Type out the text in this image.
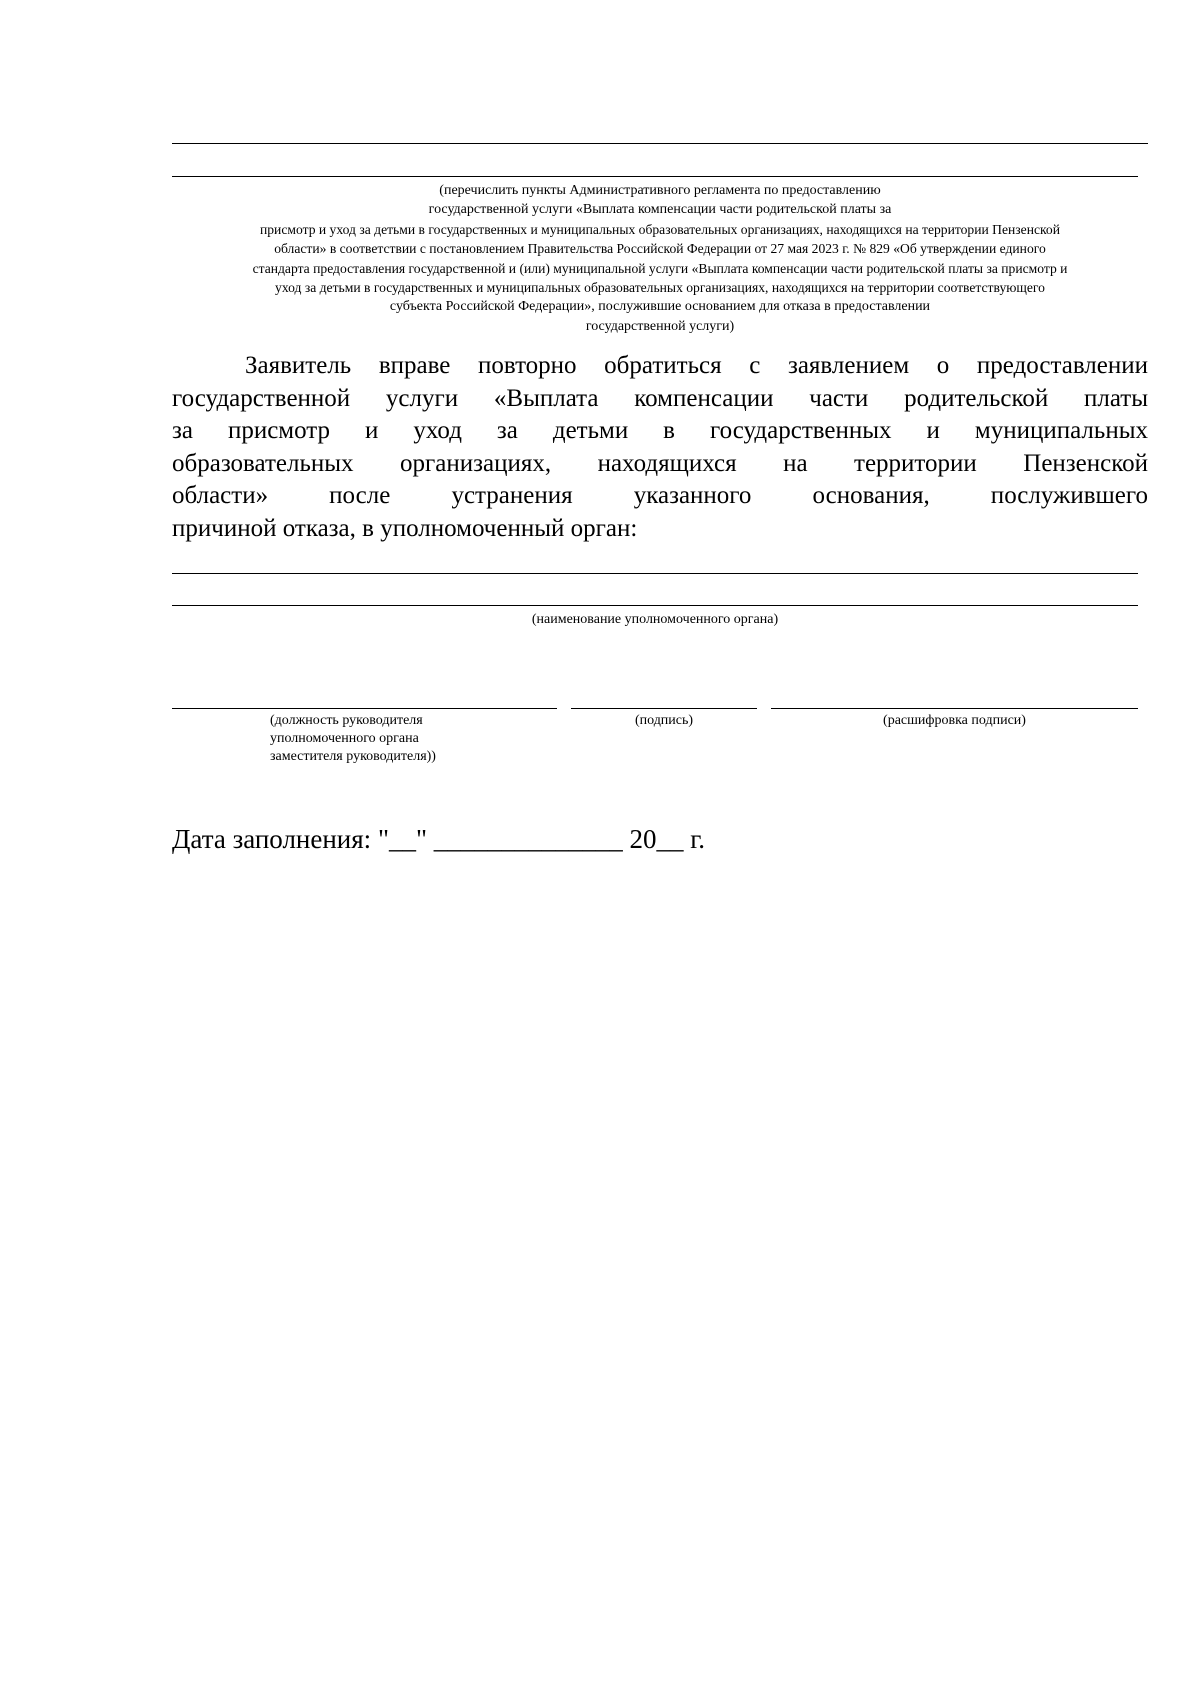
(перечислить пункты Административного регламента по предоставлению
государственной услуги «Выплата компенсации части родительской платы за
присмотр и уход за детьми в государственных и муниципальных образовательных организациях, находящихся на территории Пензенской
области» в соответствии с постановлением Правительства Российской Федерации от 27 мая 2023 г. № 829 «Об утверждении единого
стандарта предоставления государственной и (или) муниципальной услуги «Выплата компенсации части родительской платы за присмотр и
уход за детьми в государственных и муниципальных образовательных организациях, находящихся на территории соответствующего
субъекта Российской Федерации», послужившие основанием для отказа в предоставлении
государственной услуги)
Заявитель вправе повторно обратиться с заявлением о предоставлении
государственной услуги «Выплата компенсации части родительской платы
за присмотр и уход за детьми в государственных и муниципальных
образовательных организациях, находящихся на территории Пензенской
области» после устранения указанного основания, послужившего
причиной отказа, в уполномоченный орган:
(наименование уполномоченного органа)
(должность руководителя
уполномоченного органа
заместителя руководителя))
(подпись)	(расшифровка подписи)
Дата заполнения: "__" ______________ 20__ г.
